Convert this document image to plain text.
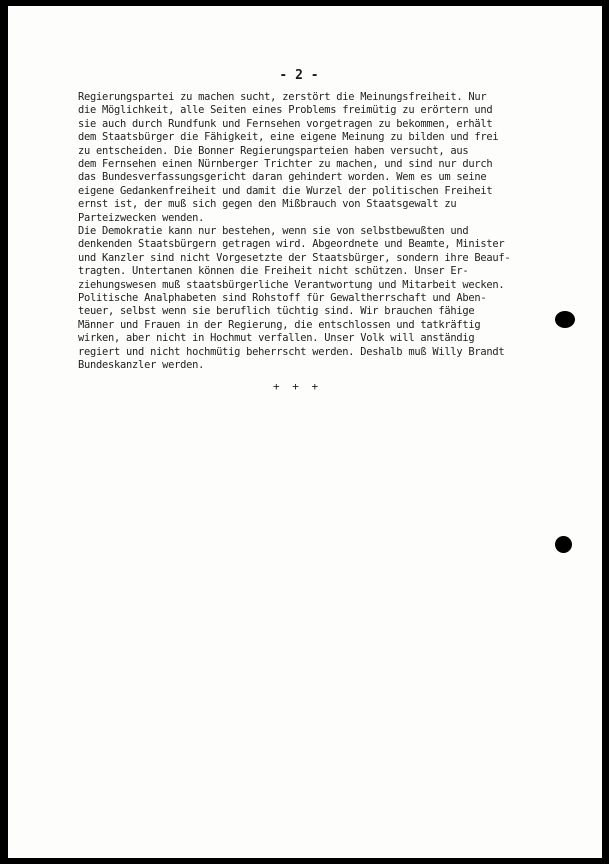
- 2 -
Regierungspartei zu machen sucht, zerstört die Meinungsfreiheit. Nur
die Möglichkeit, alle Seiten eines Problems freimütig zu erörtern und
sie auch durch Rundfunk und Fernsehen vorgetragen zu bekommen, erhält
dem Staatsbürger die Fähigkeit, eine eigene Meinung zu bilden und frei
zu entscheiden. Die Bonner Regierungsparteien haben versucht, aus
dem Fernsehen einen Nürnberger Trichter zu machen, und sind nur durch
das Bundesverfassungsgericht daran gehindert worden. Wem es um seine
eigene Gedankenfreiheit und damit die Wurzel der politischen Freiheit
ernst ist, der muß sich gegen den Mißbrauch von Staatsgewalt zu
Parteizwecken wenden.
Die Demokratie kann nur bestehen, wenn sie von selbstbewußten und
denkenden Staatsbürgern getragen wird. Abgeordnete und Beamte, Minister
und Kanzler sind nicht Vorgesetzte der Staatsbürger, sondern ihre Beauf-
tragten. Untertanen können die Freiheit nicht schützen. Unser Er-
ziehungswesen muß staatsbürgerliche Verantwortung und Mitarbeit wecken.
Politische Analphabeten sind Rohstoff für Gewaltherrschaft und Aben-
teuer, selbst wenn sie beruflich tüchtig sind. Wir brauchen fähige
Männer und Frauen in der Regierung, die entschlossen und tatkräftig
wirken, aber nicht in Hochmut verfallen. Unser Volk will anständig
regiert und nicht hochmütig beherrscht werden. Deshalb muß Willy Brandt
Bundeskanzler werden.
+ + +
